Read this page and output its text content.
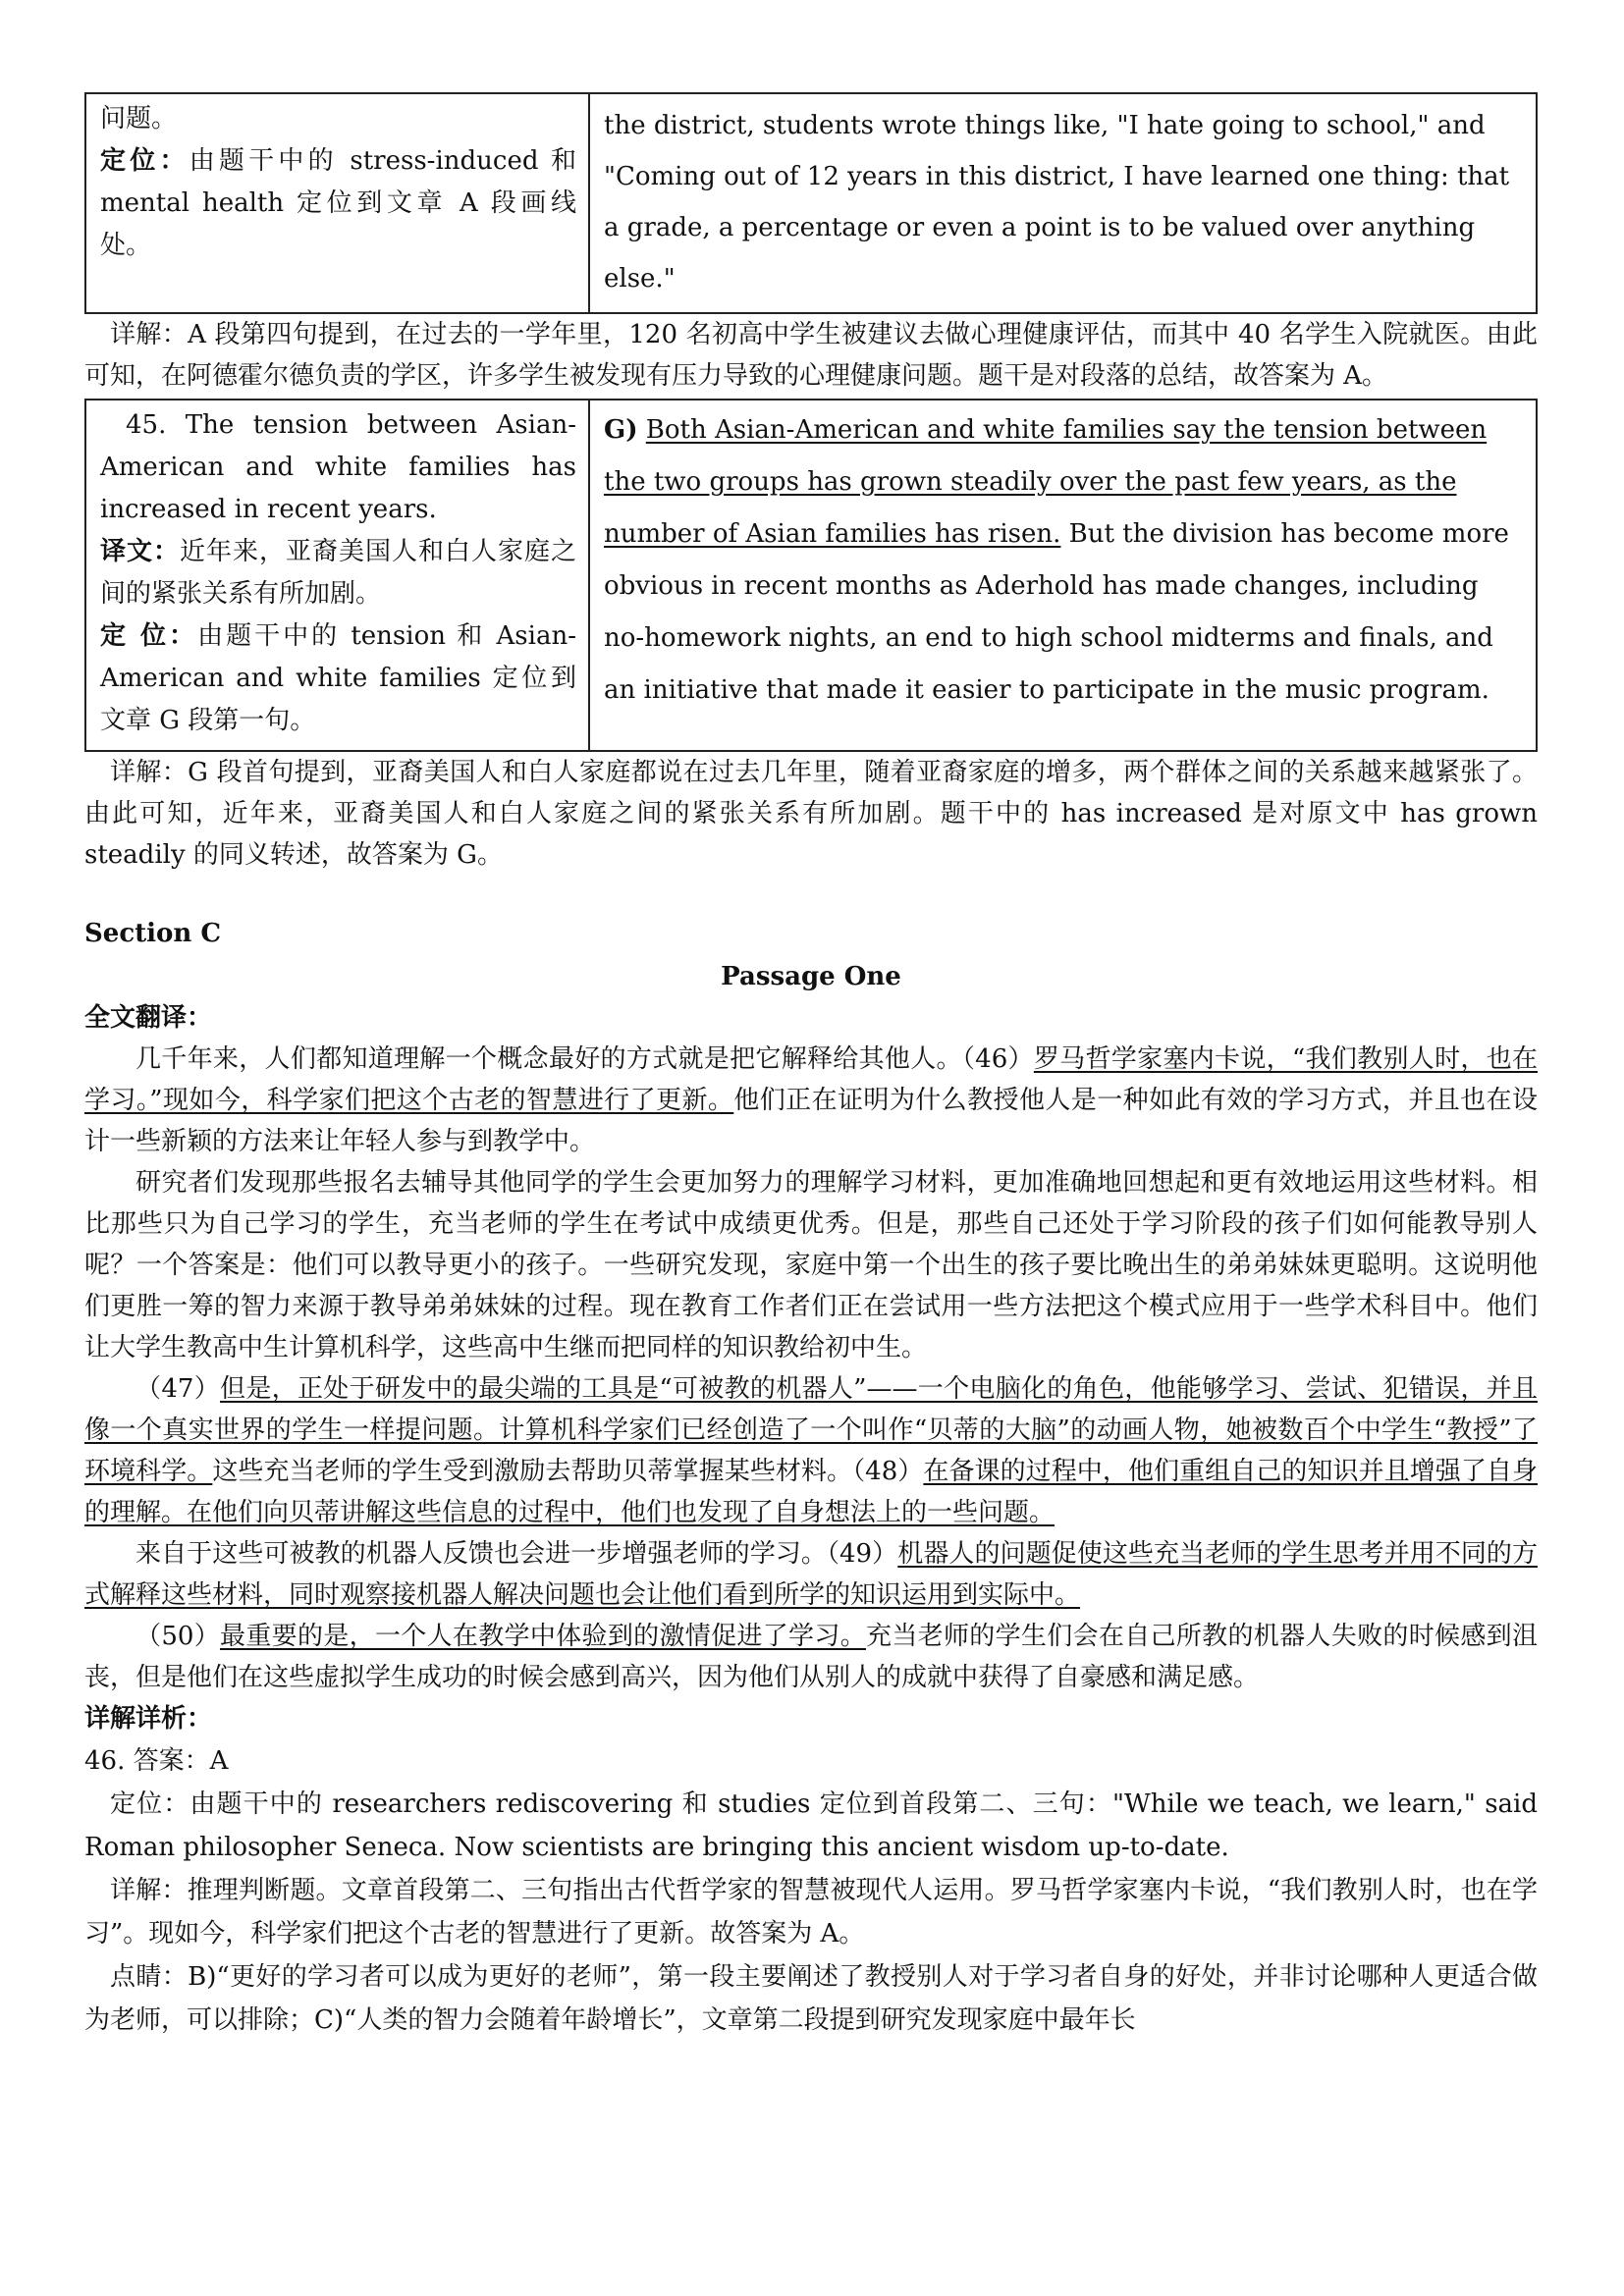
问题。

定位：由题干中的 stress-induced 和 mental health 定位到文章 A 段画线处。

	the district, students wrote things like, "I hate going to school," and "Coming out of 12 years in this district, I have learned one thing: that a grade, a percentage or even a point is to be valued over anything else."

详解：A 段第四句提到，在过去的一学年里，120 名初高中学生被建议去做心理健康评估，而其中 40 名学生入院就医。由此可知，在阿德霍尔德负责的学区，许多学生被发现有压力导致的心理健康问题。题干是对段落的总结，故答案为 A。

45. The tension between Asian-American and white families has increased in recent years.

译文：近年来，亚裔美国人和白人家庭之间的紧张关系有所加剧。

定 位：由题干中的 tension 和 Asian-American and white families 定位到文章 G 段第一句。

	G) Both Asian-American and white families say the tension between the two groups has grown steadily over the past few years, as the number of Asian families has risen. But the division has become more obvious in recent months as Aderhold has made changes, including no-homework nights, an end to high school midterms and finals, and an initiative that made it easier to participate in the music program.

详解：G 段首句提到，亚裔美国人和白人家庭都说在过去几年里，随着亚裔家庭的增多，两个群体之间的关系越来越紧张了。由此可知，近年来，亚裔美国人和白人家庭之间的紧张关系有所加剧。题干中的 has increased 是对原文中 has grown steadily 的同义转述，故答案为 G。

Section C

Passage One

全文翻译：

几千年来，人们都知道理解一个概念最好的方式就是把它解释给其他人。（46）罗马哲学家塞内卡说，“我们教别人时，也在学习。”现如今，科学家们把这个古老的智慧进行了更新。他们正在证明为什么教授他人是一种如此有效的学习方式，并且也在设计一些新颖的方法来让年轻人参与到教学中。

研究者们发现那些报名去辅导其他同学的学生会更加努力的理解学习材料，更加准确地回想起和更有效地运用这些材料。相比那些只为自己学习的学生，充当老师的学生在考试中成绩更优秀。但是，那些自己还处于学习阶段的孩子们如何能教导别人呢？一个答案是：他们可以教导更小的孩子。一些研究发现，家庭中第一个出生的孩子要比晚出生的弟弟妹妹更聪明。这说明他们更胜一筹的智力来源于教导弟弟妹妹的过程。现在教育工作者们正在尝试用一些方法把这个模式应用于一些学术科目中。他们让大学生教高中生计算机科学，这些高中生继而把同样的知识教给初中生。

（47）但是，正处于研发中的最尖端的工具是“可被教的机器人”——一个电脑化的角色，他能够学习、尝试、犯错误，并且像一个真实世界的学生一样提问题。计算机科学家们已经创造了一个叫作“贝蒂的大脑”的动画人物，她被数百个中学生“教授”了环境科学。这些充当老师的学生受到激励去帮助贝蒂掌握某些材料。（48）在备课的过程中，他们重组自己的知识并且增强了自身的理解。在他们向贝蒂讲解这些信息的过程中，他们也发现了自身想法上的一些问题。

来自于这些可被教的机器人反馈也会进一步增强老师的学习。（49）机器人的问题促使这些充当老师的学生思考并用不同的方式解释这些材料，同时观察接机器人解决问题也会让他们看到所学的知识运用到实际中。

（50）最重要的是，一个人在教学中体验到的激情促进了学习。充当老师的学生们会在自己所教的机器人失败的时候感到沮丧，但是他们在这些虚拟学生成功的时候会感到高兴，因为他们从别人的成就中获得了自豪感和满足感。

详解详析：

46. 答案：A

定位：由题干中的 researchers rediscovering 和 studies 定位到首段第二、三句："While we teach, we learn," said Roman philosopher Seneca. Now scientists are bringing this ancient wisdom up-to-date.

详解：推理判断题。文章首段第二、三句指出古代哲学家的智慧被现代人运用。罗马哲学家塞内卡说，“我们教别人时，也在学习”。现如今，科学家们把这个古老的智慧进行了更新。故答案为 A。

点睛：B)“更好的学习者可以成为更好的老师”，第一段主要阐述了教授别人对于学习者自身的好处，并非讨论哪种人更适合做为老师，可以排除；C)“人类的智力会随着年龄增长”，文章第二段提到研究发现家庭中最年长
